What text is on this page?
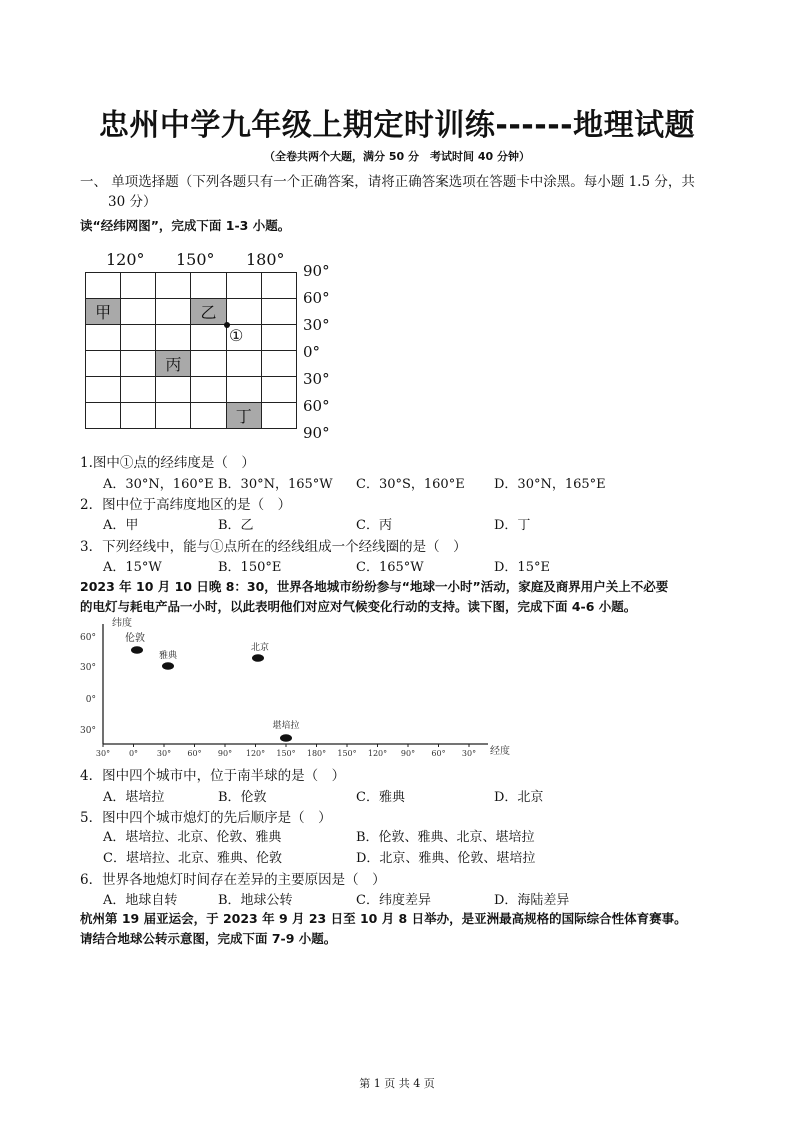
忠州中学九年级上期定时训练------地理试题
（全卷共两个大题，满分 50 分　考试时间 40 分钟）
一、 单项选择题（下列各题只有一个正确答案，请将正确答案选项在答题卡中涂黑。每小题 1.5 分，共
30 分）
读“经纬网图”，完成下面 1-3 小题。
120° 150° 180°

甲			乙		

		丙			

				丁	
①
90°
60°
30°
0°
30°
60°
90°
1.图中①点的经纬度是（　）
A．30°N，160°E B．30°N，165°W C．30°S，160°E D．30°N，165°E
2．图中位于高纬度地区的是（　）
A．甲	B．乙	C．丙	D．丁
3．下列经线中，能与①点所在的经线组成一个经线圈的是（　）
A．15°W	B．150°E	C．165°W	D．15°E
2023 年 10 月 10 日晚 8：30，世界各地城市纷纷参与“地球一小时”活动，家庭及商界用户关上不必要
的电灯与耗电产品一小时，以此表明他们对应对气候变化行动的支持。读下图，完成下面 4-6 小题。
纬度
经度
60°
30°
0°
30°
30° 0° 30° 60° 90° 120° 150° 180° 150° 120° 90° 60° 30°
伦敦
雅典
北京
堪培拉
4．图中四个城市中，位于南半球的是（　）
A．堪培拉	B．伦敦	C．雅典	D．北京
5．图中四个城市熄灯的先后顺序是（　）
A．堪培拉、北京、伦敦、雅典	B．伦敦、雅典、北京、堪培拉
C．堪培拉、北京、雅典、伦敦	D．北京、雅典、伦敦、堪培拉
6．世界各地熄灯时间存在差异的主要原因是（　）
A．地球自转	B．地球公转	C．纬度差异	D．海陆差异
杭州第 19 届亚运会，于 2023 年 9 月 23 日至 10 月 8 日举办，是亚洲最高规格的国际综合性体育赛事。
请结合地球公转示意图，完成下面 7-9 小题。
第 1 页 共 4 页
